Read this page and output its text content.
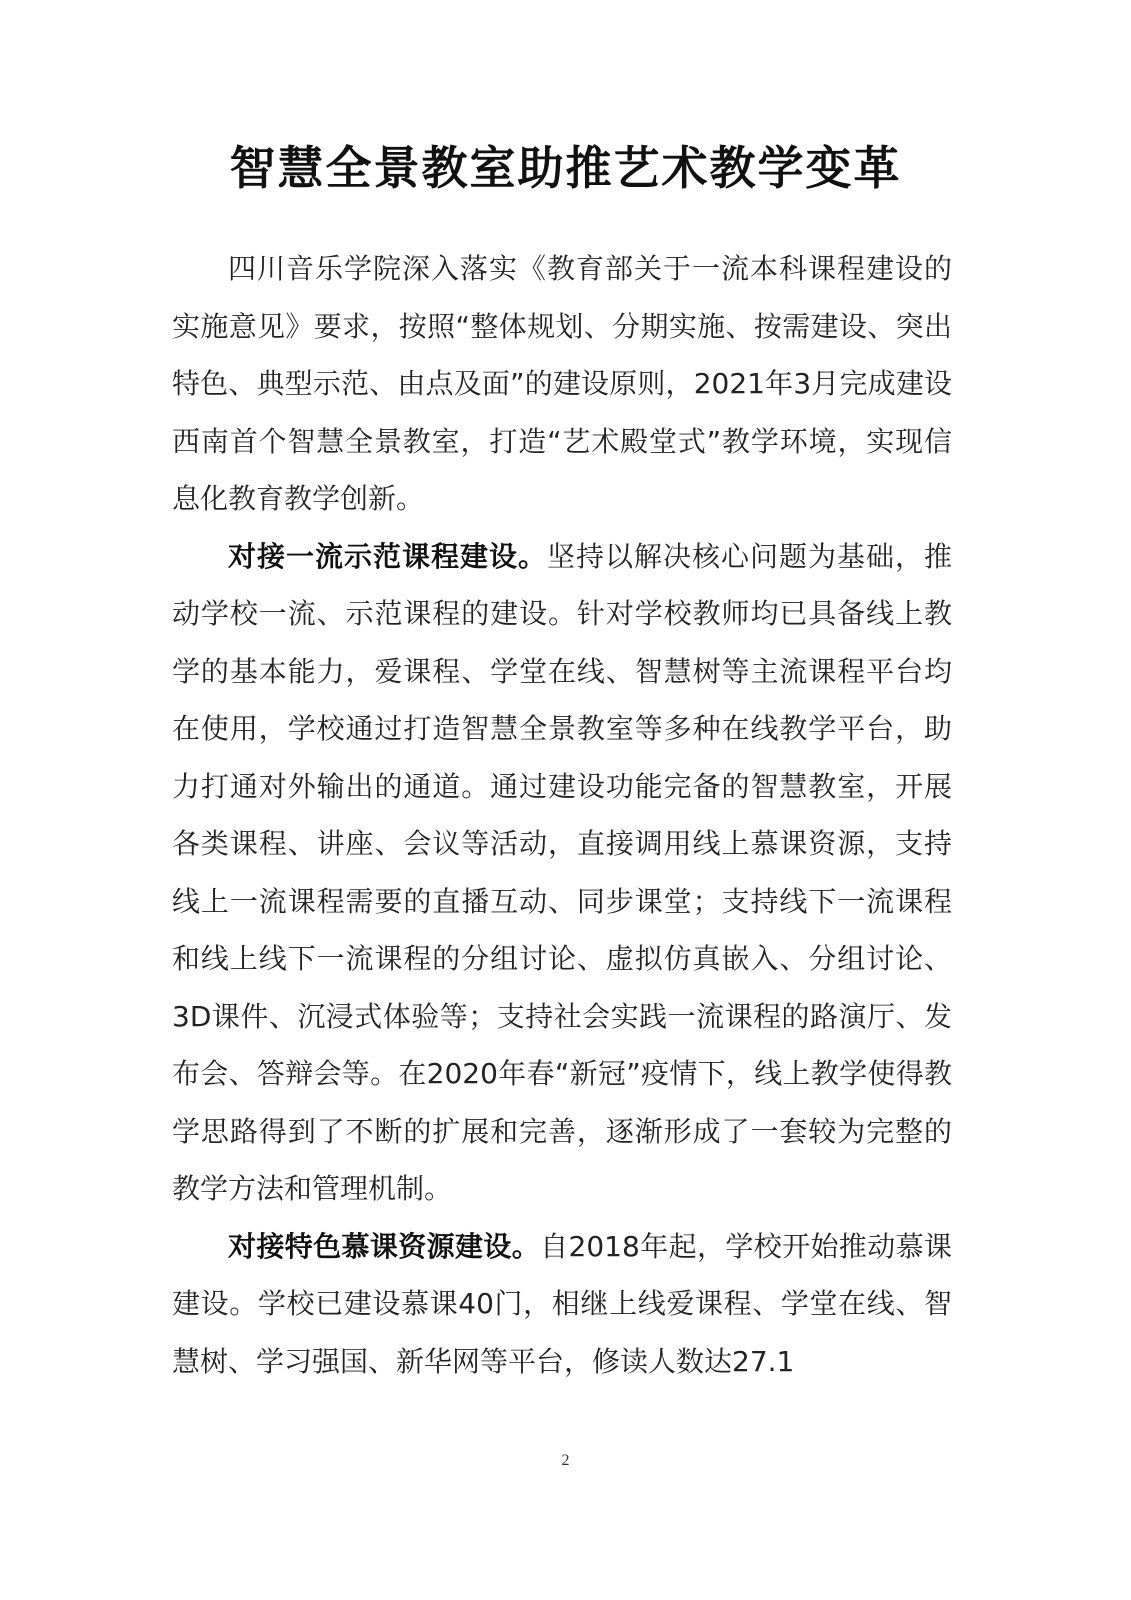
智慧全景教室助推艺术教学变革

四川音乐学院深入落实《教育部关于一流本科课程建设的实施意见》要求，按照“整体规划、分期实施、按需建设、突出特色、典型示范、由点及面”的建设原则，2021年3月完成建设西南首个智慧全景教室，打造“艺术殿堂式”教学环境，实现信息化教育教学创新。

对接一流示范课程建设。坚持以解决核心问题为基础，推动学校一流、示范课程的建设。针对学校教师均已具备线上教学的基本能力，爱课程、学堂在线、智慧树等主流课程平台均在使用，学校通过打造智慧全景教室等多种在线教学平台，助力打通对外输出的通道。通过建设功能完备的智慧教室，开展各类课程、讲座、会议等活动，直接调用线上慕课资源，支持线上一流课程需要的直播互动、同步课堂；支持线下一流课程和线上线下一流课程的分组讨论、虚拟仿真嵌入、分组讨论、3D课件、沉浸式体验等；支持社会实践一流课程的路演厅、发布会、答辩会等。在2020年春“新冠”疫情下，线上教学使得教学思路得到了不断的扩展和完善，逐渐形成了一套较为完整的教学方法和管理机制。

对接特色慕课资源建设。自2018年起，学校开始推动慕课建设。学校已建设慕课40门，相继上线爱课程、学堂在线、智慧树、学习强国、新华网等平台，修读人数达27.1

2
